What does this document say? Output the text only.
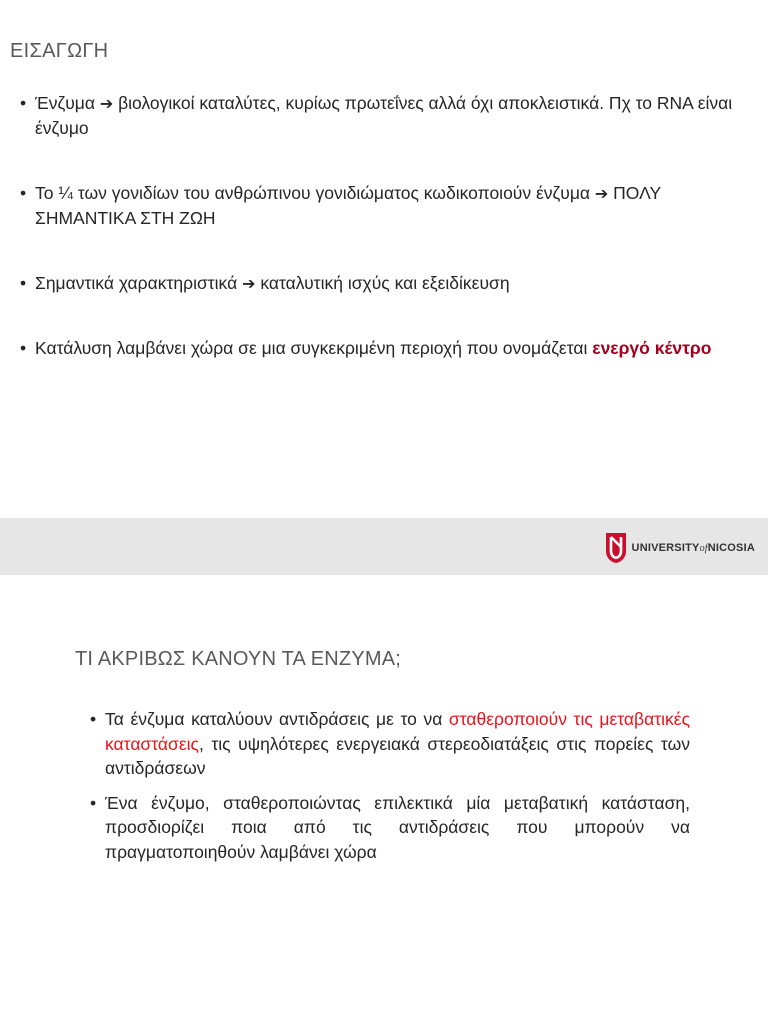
ΕΙΣΑΓΩΓΗ
• Ένζυμα ➔ βιολογικοί καταλύτες, κυρίως πρωτεΐνες αλλά όχι αποκλειστικά. Πχ το RNA είναι ένζυμο
• Το ¼ των γονιδίων του ανθρώπινου γονιδιώματος κωδικοποιούν ένζυμα ➔ ΠΟΛΥ ΣΗΜΑΝΤΙΚΑ ΣΤΗ ΖΩΗ
• Σημαντικά χαρακτηριστικά ➔ καταλυτική ισχύς και εξειδίκευση
• Κατάλυση λαμβάνει χώρα σε μια συγκεκριμένη περιοχή που ονομάζεται ενεργό κέντρο
UNIVERSITYofNICOSIA
ΤΙ ΑΚΡΙΒΩΣ ΚΑΝΟΥΝ ΤΑ ΕΝΖΥΜΑ;
• Τα ένζυμα καταλύουν αντιδράσεις με το να σταθεροποιούν τις μεταβατικές καταστάσεις, τις υψηλότερες ενεργειακά στερεοδιατάξεις στις πορείες των αντιδράσεων
• Ένα ένζυμο, σταθεροποιώντας επιλεκτικά μία μεταβατική κατάσταση, προσδιορίζει ποια από τις αντιδράσεις που μπορούν να πραγματοποιηθούν λαμβάνει χώρα
